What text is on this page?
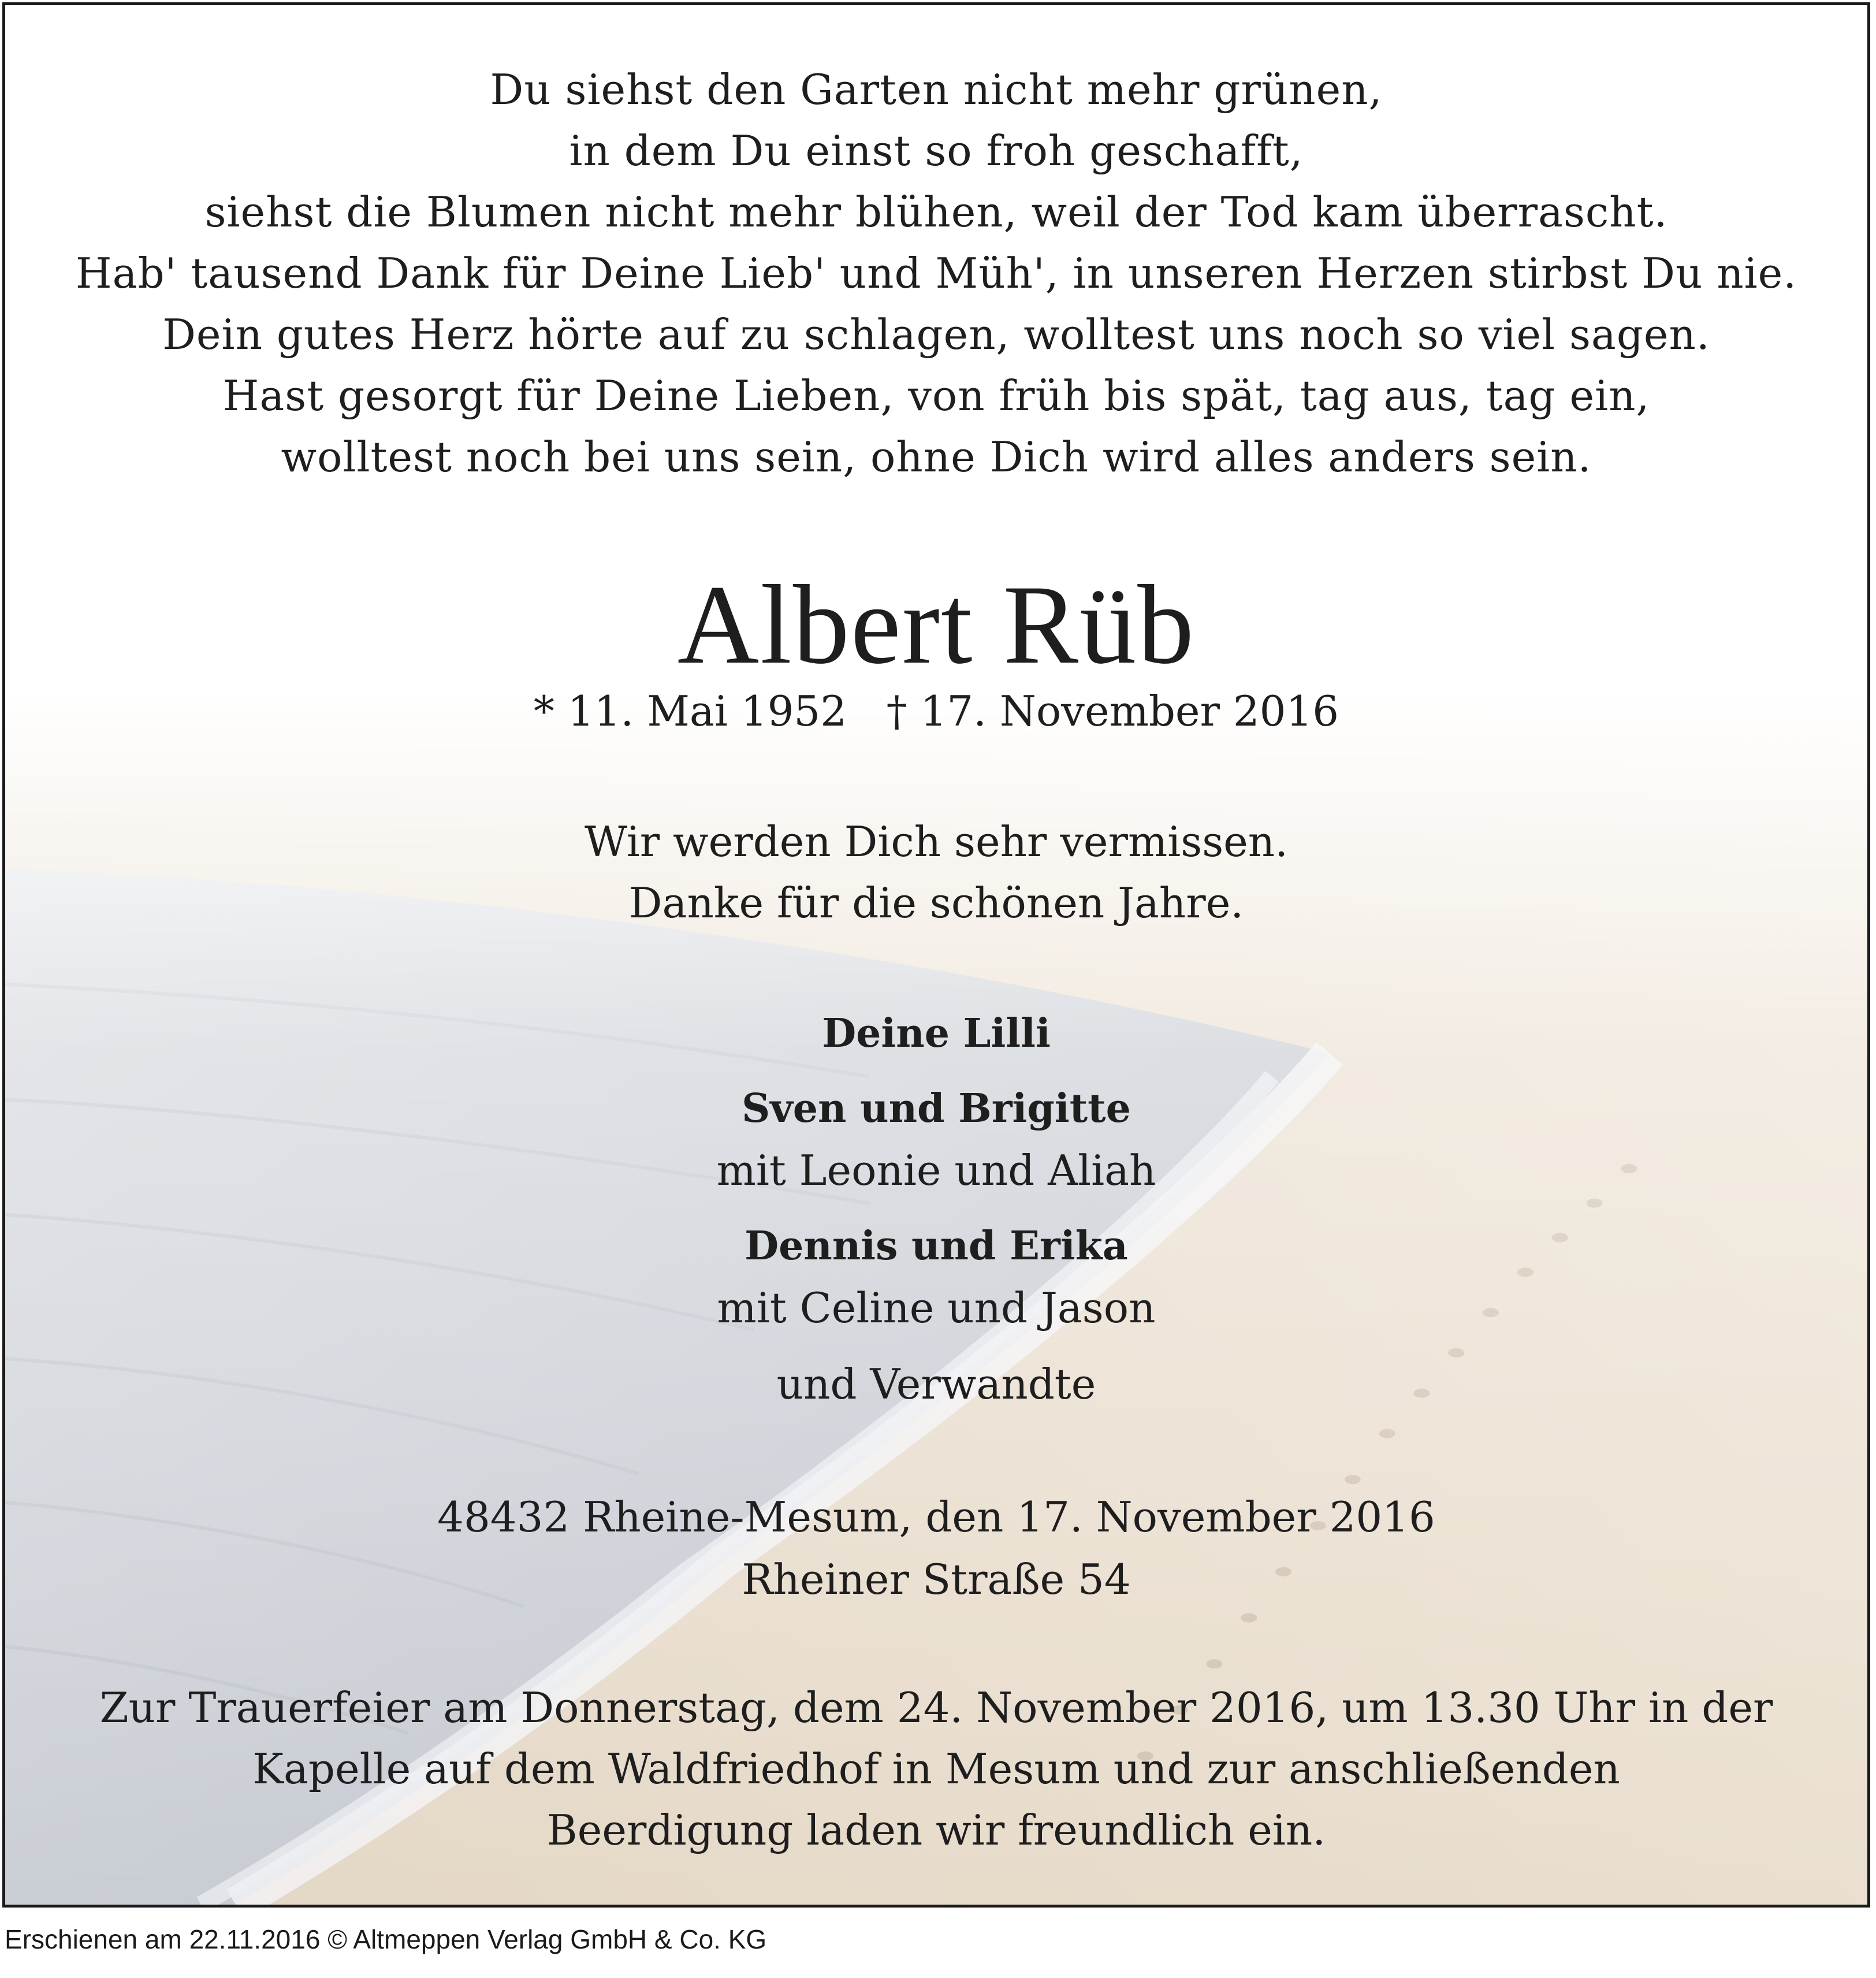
Du siehst den Garten nicht mehr grünen,
in dem Du einst so froh geschafft,
siehst die Blumen nicht mehr blühen, weil der Tod kam überrascht.
Hab' tausend Dank für Deine Lieb' und Müh', in unseren Herzen stirbst Du nie.
Dein gutes Herz hörte auf zu schlagen, wolltest uns noch so viel sagen.
Hast gesorgt für Deine Lieben, von früh bis spät, tag aus, tag ein,
wolltest noch bei uns sein, ohne Dich wird alles anders sein.
Albert Rüb
* 11. Mai 1952   † 17. November 2016
Wir werden Dich sehr vermissen.
Danke für die schönen Jahre.
Deine Lilli
Sven und Brigitte
mit Leonie und Aliah
Dennis und Erika
mit Celine und Jason
und Verwandte
48432 Rheine-Mesum, den 17. November 2016
Rheiner Straße 54
Zur Trauerfeier am Donnerstag, dem 24. November 2016, um 13.30 Uhr in der
Kapelle auf dem Waldfriedhof in Mesum und zur anschließenden
Beerdigung laden wir freundlich ein.
Erschienen am 22.11.2016 © Altmeppen Verlag GmbH & Co. KG
